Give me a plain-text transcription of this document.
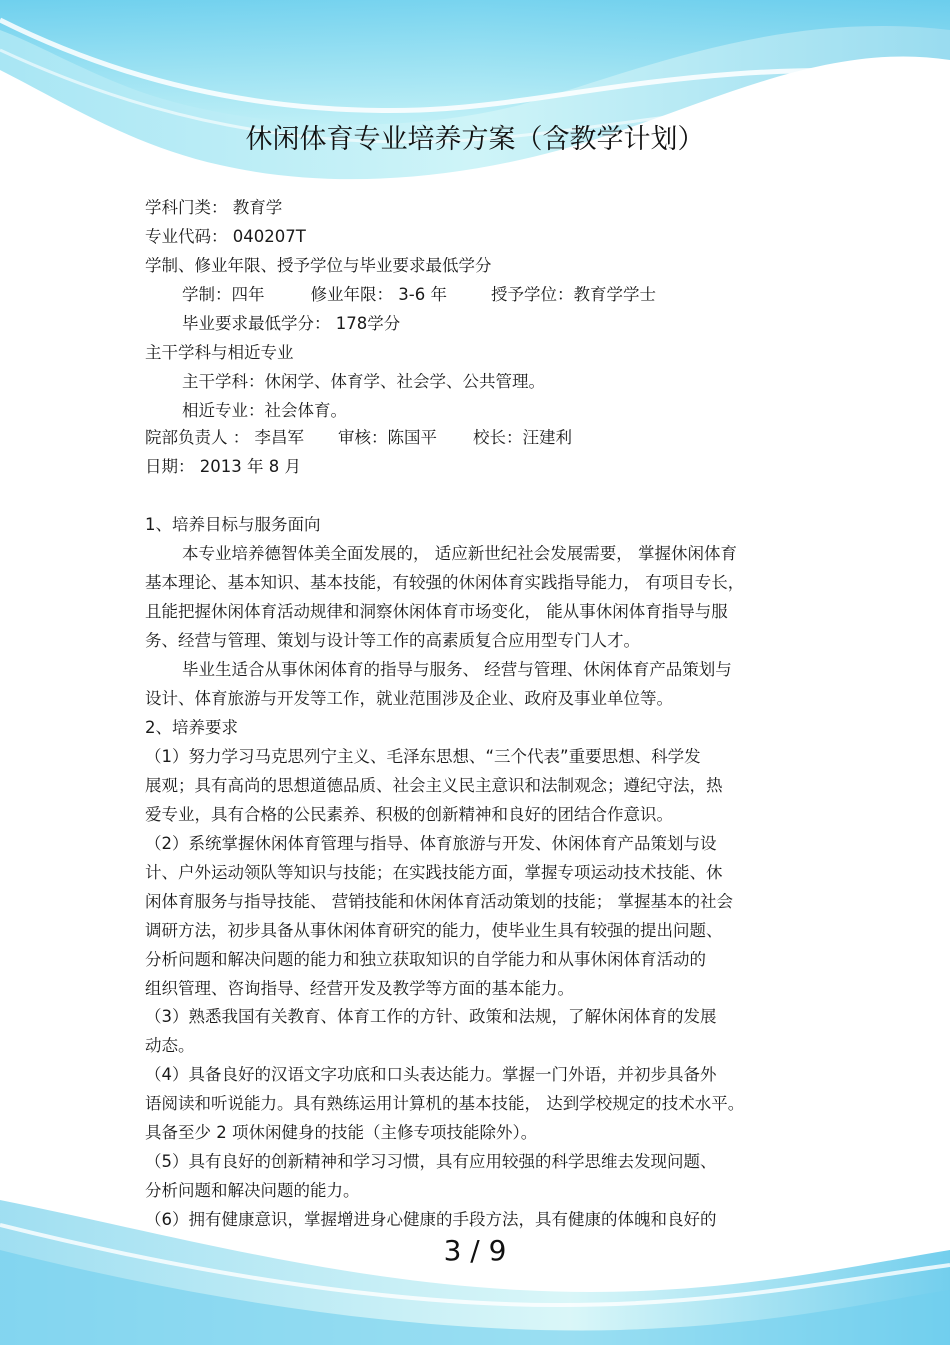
休闲体育专业培养方案（含教学计划）
学科门类： 教育学
专业代码： 040207T
学制、修业年限、授予学位与毕业要求最低学分
学制：四年	修业年限： 3-6 年	授予学位：教育学学士
毕业要求最低学分： 178学分
主干学科与相近专业
主干学科：休闲学、体育学、社会学、公共管理。
相近专业：社会体育。
院部负责人 ： 李昌军 审核：陈国平 校长：汪建利
日期： 2013 年 8 月
1、培养目标与服务面向
本专业培养德智体美全面发展的， 适应新世纪社会发展需要， 掌握休闲体育
基本理论、基本知识、基本技能，有较强的休闲体育实践指导能力， 有项目专长，
且能把握休闲体育活动规律和洞察休闲体育市场变化， 能从事休闲体育指导与服
务、经营与管理、策划与设计等工作的高素质复合应用型专门人才。
毕业生适合从事休闲体育的指导与服务、 经营与管理、休闲体育产品策划与
设计、体育旅游与开发等工作，就业范围涉及企业、政府及事业单位等。
2、培养要求
（1）努力学习马克思列宁主义、毛泽东思想、“三个代表”重要思想、科学发
展观；具有高尚的思想道德品质、社会主义民主意识和法制观念；遵纪守法，热
爱专业，具有合格的公民素养、积极的创新精神和良好的团结合作意识。
（2）系统掌握休闲体育管理与指导、体育旅游与开发、休闲体育产品策划与设
计、户外运动领队等知识与技能；在实践技能方面，掌握专项运动技术技能、休
闲体育服务与指导技能、 营销技能和休闲体育活动策划的技能； 掌握基本的社会
调研方法，初步具备从事休闲体育研究的能力，使毕业生具有较强的提出问题、
分析问题和解决问题的能力和独立获取知识的自学能力和从事休闲体育活动的
组织管理、咨询指导、经营开发及教学等方面的基本能力。
（3）熟悉我国有关教育、体育工作的方针、政策和法规，了解休闲体育的发展
动态。
（4）具备良好的汉语文字功底和口头表达能力。掌握一门外语，并初步具备外
语阅读和听说能力。具有熟练运用计算机的基本技能， 达到学校规定的技术水平。
具备至少 2 项休闲健身的技能（主修专项技能除外）。
（5）具有良好的创新精神和学习习惯，具有应用较强的科学思维去发现问题、
分析问题和解决问题的能力。
（6）拥有健康意识，掌握增进身心健康的手段方法，具有健康的体魄和良好的
3 / 9
